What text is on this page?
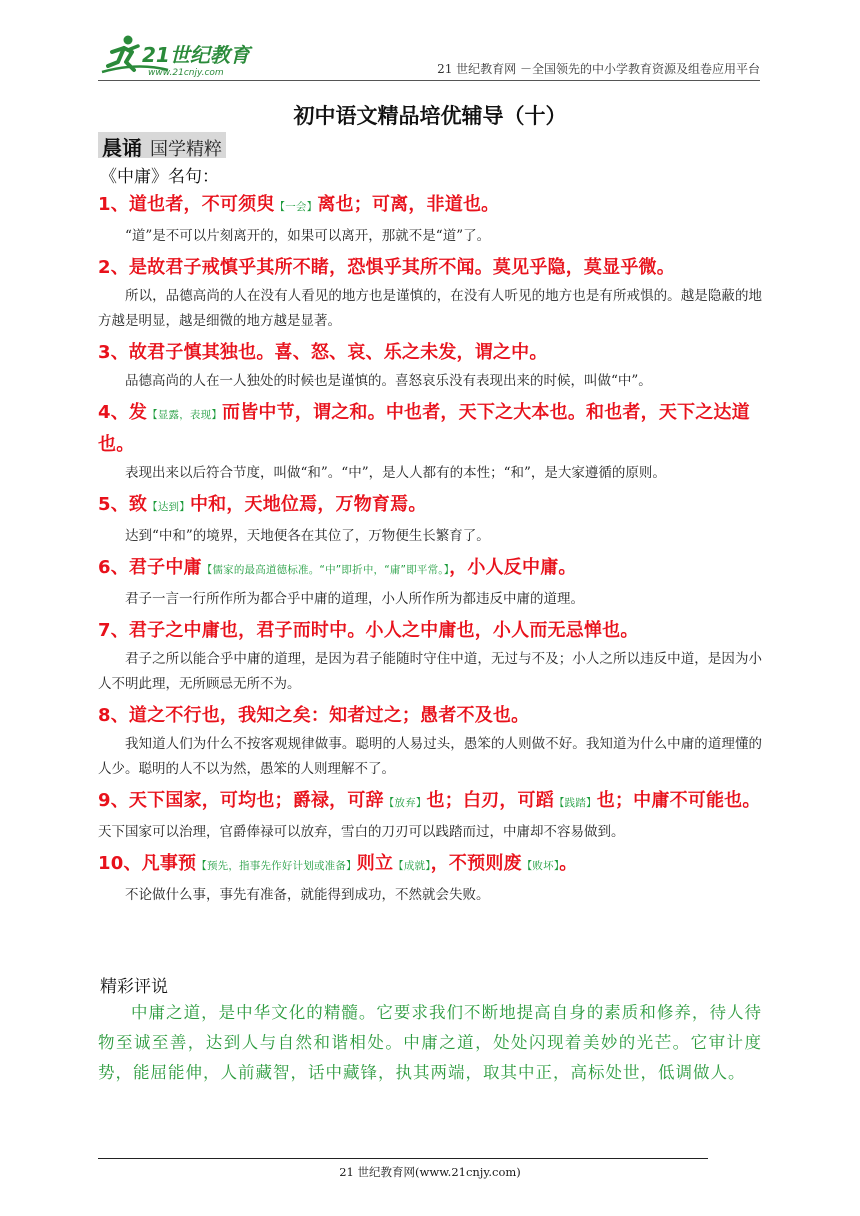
21世纪教育
www.21cnjy.com	21 世纪教育网 －全国领先的中小学教育资源及组卷应用平台
初中语文精品培优辅导（十）
晨诵 国学精粹
《中庸》名句：

1、道也者，不可须臾【一会】离也；可离，非道也。

“道”是不可以片刻离开的，如果可以离开，那就不是“道”了。

2、是故君子戒慎乎其所不睹，恐惧乎其所不闻。莫见乎隐，莫显乎微。

所以，品德高尚的人在没有人看见的地方也是谨慎的，在没有人听见的地方也是有所戒惧的。越是隐蔽的地方越是明显，越是细微的地方越是显著。

3、故君子慎其独也。喜、怒、哀、乐之未发，谓之中。

品德高尚的人在一人独处的时候也是谨慎的。喜怒哀乐没有表现出来的时候，叫做“中”。

4、发【显露，表现】而皆中节，谓之和。中也者，天下之大本也。和也者，天下之达道也。

表现出来以后符合节度，叫做“和”。“中”，是人人都有的本性；“和”，是大家遵循的原则。

5、致【达到】中和，天地位焉，万物育焉。

达到“中和”的境界，天地便各在其位了，万物便生长繁育了。

6、君子中庸【儒家的最高道德标准。“中”即折中，“庸”即平常。】，小人反中庸。

君子一言一行所作所为都合乎中庸的道理，小人所作所为都违反中庸的道理。

7、君子之中庸也，君子而时中。小人之中庸也，小人而无忌惮也。

君子之所以能合乎中庸的道理，是因为君子能随时守住中道，无过与不及；小人之所以违反中道，是因为小人不明此理，无所顾忌无所不为。

8、道之不行也，我知之矣：知者过之；愚者不及也。

我知道人们为什么不按客观规律做事。聪明的人易过头，愚笨的人则做不好。我知道为什么中庸的道理懂的人少。聪明的人不以为然，愚笨的人则理解不了。

9、天下国家，可均也；爵禄，可辞【放弃】也；白刃，可蹈【践踏】也；中庸不可能也。

天下国家可以治理，官爵俸禄可以放弃，雪白的刀刃可以践踏而过，中庸却不容易做到。

10、凡事预【预先，指事先作好计划或准备】则立【成就】，不预则废【败坏】。

不论做什么事，事先有准备，就能得到成功，不然就会失败。

精彩评说

中庸之道，是中华文化的精髓。它要求我们不断地提高自身的素质和修养，待人待物至诚至善，达到人与自然和谐相处。中庸之道，处处闪现着美妙的光芒。它审计度势，能屈能伸，人前藏智，话中藏锋，执其两端，取其中正，高标处世，低调做人。

21 世纪教育网(www.21cnjy.com)
